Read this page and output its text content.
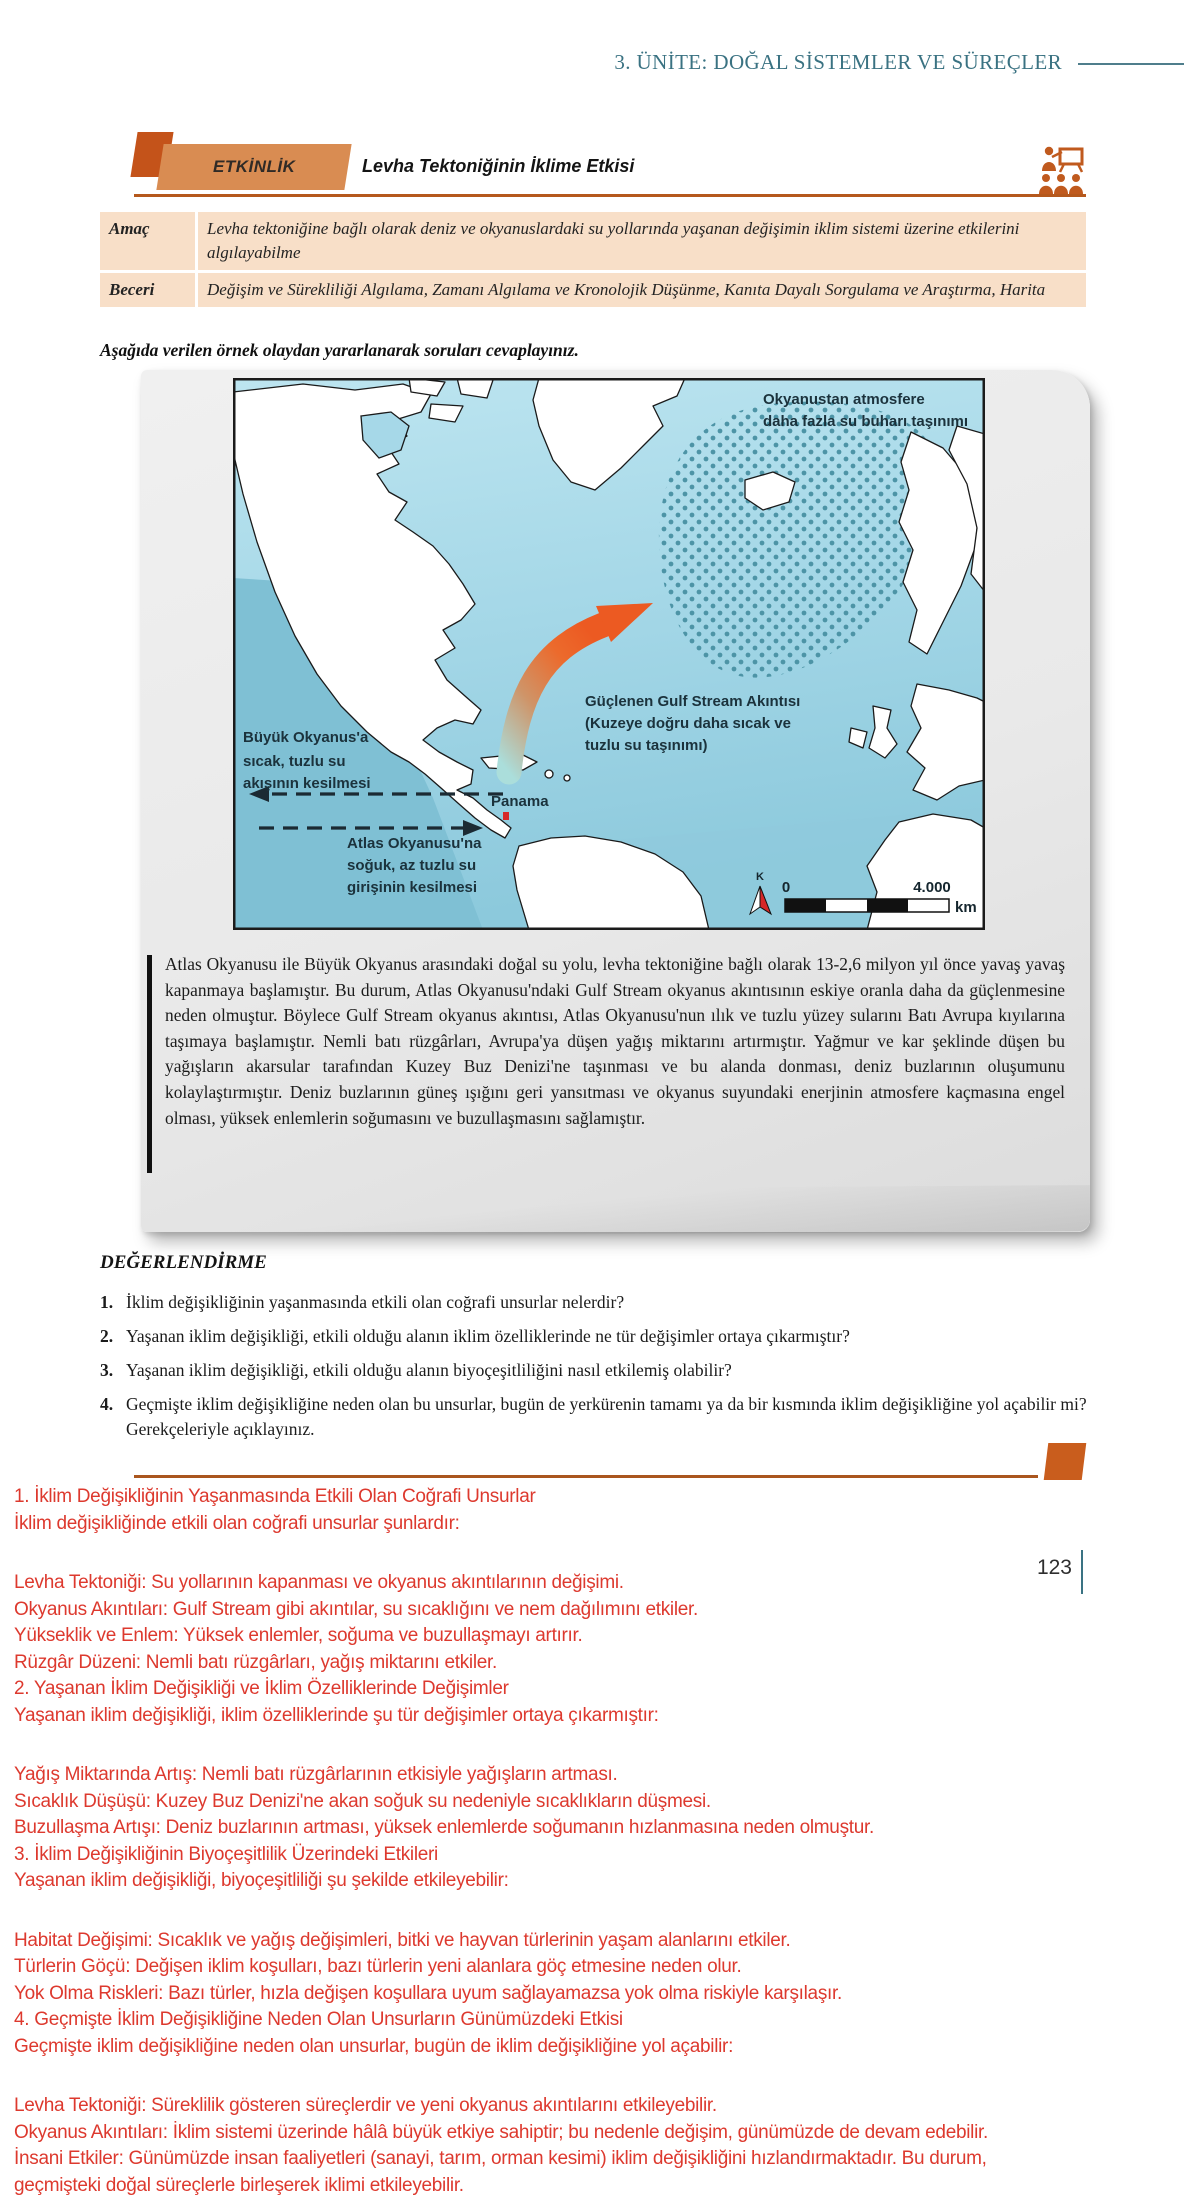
3. ÜNİTE: DOĞAL SİSTEMLER VE SÜREÇLER
ETKİNLİK	Levha Tektoniğinin İklime Etkisi
Amaç	Levha tektoniğine bağlı olarak deniz ve okyanuslardaki su yollarında yaşanan değişimin iklim sistemi üzerine etkilerini algılayabilme
Beceri	Değişim ve Sürekliliği Algılama, Zamanı Algılama ve Kronolojik Düşünme, Kanıta Dayalı Sorgulama ve Araştırma, Harita
Aşağıda verilen örnek olaydan yararlanarak soruları cevaplayınız.
Okyanustan atmosfere
daha fazla su buharı taşınımı
Güçlenen Gulf Stream Akıntısı
(Kuzeye doğru daha sıcak ve
tuzlu su taşınımı)
Büyük Okyanus'a
sıcak, tuzlu su
akışının kesilmesi
Atlas Okyanusu'na
soğuk, az tuzlu su
girişinin kesilmesi
Panama
K
0	4.000
km
Atlas Okyanusu ile Büyük Okyanus arasındaki doğal su yolu, levha tektoniğine bağlı olarak 13-2,6 milyon yıl önce yavaş yavaş kapanmaya başlamıştır. Bu durum, Atlas Okyanusu'ndaki Gulf Stream okyanus akıntısının eskiye oranla daha da güçlenmesine neden olmuştur. Böylece Gulf Stream okyanus akıntısı, Atlas Okyanusu'nun ılık ve tuzlu yüzey sularını Batı Avrupa kıyılarına taşımaya başlamıştır. Nemli batı rüzgârları, Avrupa'ya düşen yağış miktarını artırmıştır. Yağmur ve kar şeklinde düşen bu yağışların akarsular tarafından Kuzey Buz Denizi'ne taşınması ve bu alanda donması, deniz buzlarının oluşumunu kolaylaştırmıştır. Deniz buzlarının güneş ışığını geri yansıtması ve okyanus suyundaki enerjinin atmosfere kaçmasına engel olması, yüksek enlemlerin soğumasını ve buzullaşmasını sağlamıştır.
DEĞERLENDİRME
1. İklim değişikliğinin yaşanmasında etkili olan coğrafi unsurlar nelerdir?
2. Yaşanan iklim değişikliği, etkili olduğu alanın iklim özelliklerinde ne tür değişimler ortaya çıkarmıştır?
3. Yaşanan iklim değişikliği, etkili olduğu alanın biyoçeşitliliğini nasıl etkilemiş olabilir?
4. Geçmişte iklim değişikliğine neden olan bu unsurlar, bugün de yerkürenin tamamı ya da bir kısmında iklim değişikliğine yol açabilir mi? Gerekçeleriyle açıklayınız.
123
1. İklim Değişikliğinin Yaşanmasında Etkili Olan Coğrafi Unsurlar
İklim değişikliğinde etkili olan coğrafi unsurlar şunlardır:
Levha Tektoniği: Su yollarının kapanması ve okyanus akıntılarının değişimi.
Okyanus Akıntıları: Gulf Stream gibi akıntılar, su sıcaklığını ve nem dağılımını etkiler.
Yükseklik ve Enlem: Yüksek enlemler, soğuma ve buzullaşmayı artırır.
Rüzgâr Düzeni: Nemli batı rüzgârları, yağış miktarını etkiler.
2. Yaşanan İklim Değişikliği ve İklim Özelliklerinde Değişimler
Yaşanan iklim değişikliği, iklim özelliklerinde şu tür değişimler ortaya çıkarmıştır:
Yağış Miktarında Artış: Nemli batı rüzgârlarının etkisiyle yağışların artması.
Sıcaklık Düşüşü: Kuzey Buz Denizi'ne akan soğuk su nedeniyle sıcaklıkların düşmesi.
Buzullaşma Artışı: Deniz buzlarının artması, yüksek enlemlerde soğumanın hızlanmasına neden olmuştur.
3. İklim Değişikliğinin Biyoçeşitlilik Üzerindeki Etkileri
Yaşanan iklim değişikliği, biyoçeşitliliği şu şekilde etkileyebilir:
Habitat Değişimi: Sıcaklık ve yağış değişimleri, bitki ve hayvan türlerinin yaşam alanlarını etkiler.
Türlerin Göçü: Değişen iklim koşulları, bazı türlerin yeni alanlara göç etmesine neden olur.
Yok Olma Riskleri: Bazı türler, hızla değişen koşullara uyum sağlayamazsa yok olma riskiyle karşılaşır.
4. Geçmişte İklim Değişikliğine Neden Olan Unsurların Günümüzdeki Etkisi
Geçmişte iklim değişikliğine neden olan unsurlar, bugün de iklim değişikliğine yol açabilir:
Levha Tektoniği: Süreklilik gösteren süreçlerdir ve yeni okyanus akıntılarını etkileyebilir.
Okyanus Akıntıları: İklim sistemi üzerinde hâlâ büyük etkiye sahiptir; bu nedenle değişim, günümüzde de devam edebilir.
İnsani Etkiler: Günümüzde insan faaliyetleri (sanayi, tarım, orman kesimi) iklim değişikliğini hızlandırmaktadır. Bu durum,
geçmişteki doğal süreçlerle birleşerek iklimi etkileyebilir.
